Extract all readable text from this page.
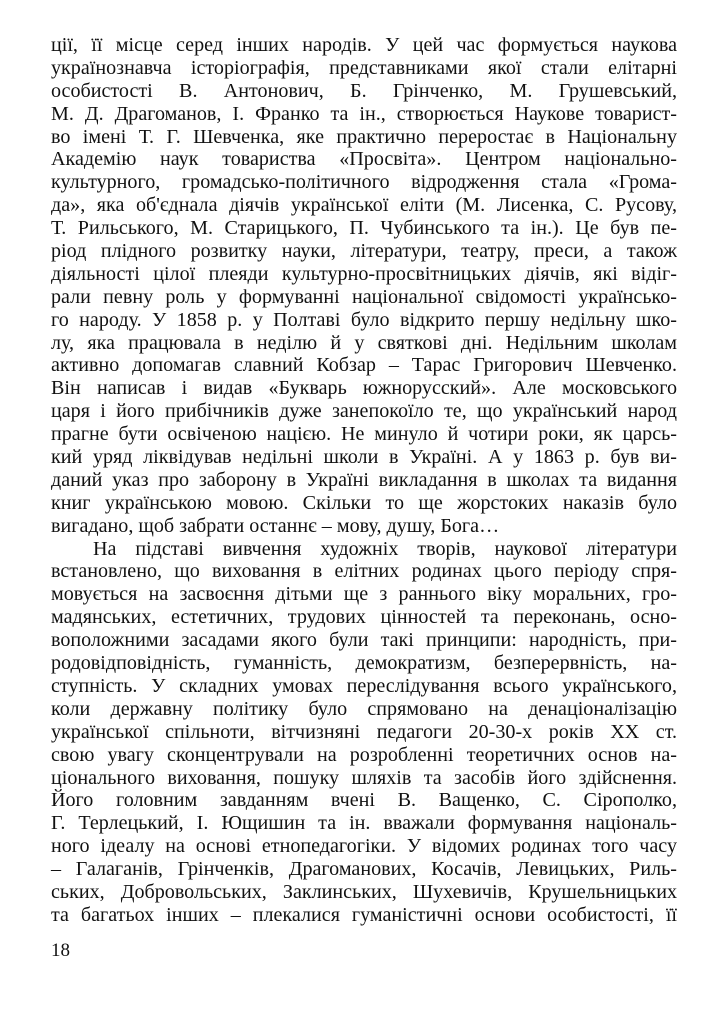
ції, її місце серед інших народів. У цей час формується наукова
українознавча історіографія, представниками якої стали елітарні
особистості В. Антонович, Б. Грінченко, М. Грушевський,
М. Д. Драгоманов, І. Франко та ін., створюється Наукове товарист-
во імені Т. Г. Шевченка, яке практично переростає в Національну
Академію наук товариства «Просвіта». Центром національно-
культурного, громадсько-політичного відродження стала «Грома-
да», яка об'єднала діячів української еліти (М. Лисенка, С. Русову,
Т. Рильського, М. Старицького, П. Чубинського та ін.). Це був пе-
ріод плідного розвитку науки, літератури, театру, преси, а також
діяльності цілої плеяди культурно-просвітницьких діячів, які відіг-
рали певну роль у формуванні національної свідомості українсько-
го народу. У 1858 р. у Полтаві було відкрито першу недільну шко-
лу, яка працювала в неділю й у святкові дні. Недільним школам
активно допомагав славний Кобзар – Тарас Григорович Шевченко.
Він написав і видав «Букварь южнорусский». Але московського
царя і його прибічників дуже занепокоїло те, що український народ
прагне бути освіченою нацією. Не минуло й чотири роки, як царсь-
кий уряд ліквідував недільні школи в Україні. А у 1863 р. був ви-
даний указ про заборону в Україні викладання в школах та видання
книг українською мовою. Скільки то ще жорстоких наказів було
вигадано, щоб забрати останнє – мову, душу, Бога…
На підставі вивчення художніх творів, наукової літератури
встановлено, що виховання в елітних родинах цього періоду спря-
мовується на засвоєння дітьми ще з раннього віку моральних, гро-
мадянських, естетичних, трудових цінностей та переконань, осно-
воположними засадами якого були такі принципи: народність, при-
родовідповідність, гуманність, демократизм, безперервність, на-
ступність. У складних умовах переслідування всього українського,
коли державну політику було спрямовано на денаціоналізацію
української спільноти, вітчизняні педагоги 20-30-х років XX ст.
свою увагу сконцентрували на розробленні теоретичних основ на-
ціонального виховання, пошуку шляхів та засобів його здійснення.
Його головним завданням вчені В. Ващенко, С. Сірополко,
Г. Терлецький, І. Ющишин та ін. вважали формування національ-
ного ідеалу на основі етнопедагогіки. У відомих родинах того часу
– Галаганів, Грінченків, Драгоманових, Косачів, Левицьких, Риль-
ських, Добровольських, Заклинських, Шухевичів, Крушельницьких
та багатьох інших – плекалися гуманістичні основи особистості, її
18
